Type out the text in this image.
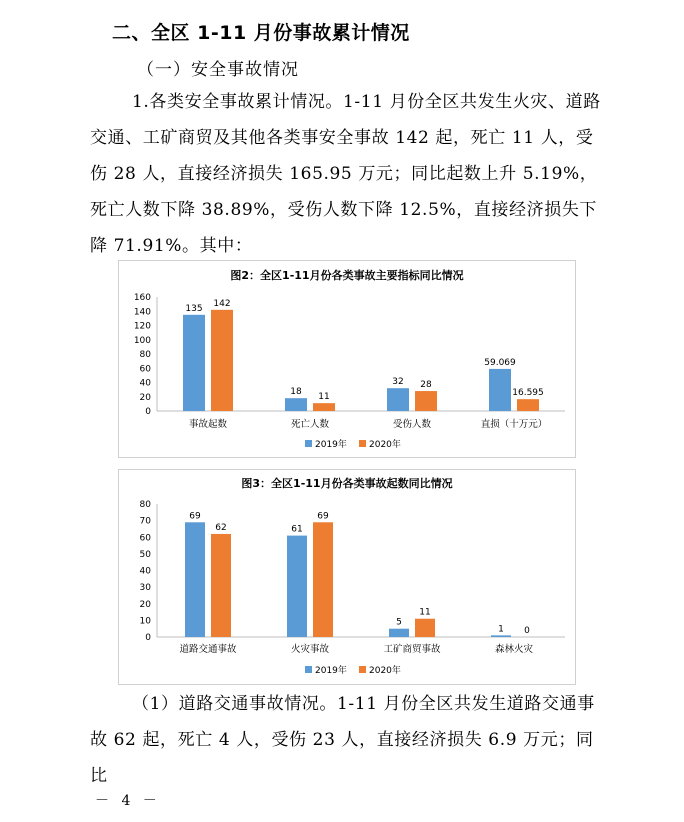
二、全区 1-11 月份事故累计情况
（一）安全事故情况
1.各类安全事故累计情况。1-11 月份全区共发生火灾、道路交通、工矿商贸及其他各类事安全事故 142 起，死亡 11 人，受伤 28 人，直接经济损失 165.95 万元；同比起数上升 5.19%，死亡人数下降 38.89%，受伤人数下降 12.5%，直接经济损失下降 71.91%。其中：
图2：全区1-11月份各类事故主要指标同比情况
0
20
40
60
80
100
120
140
160
事故起数
135 142
死亡人数
18 11
受伤人数
32 28
直损（十万元）
59.069
16.595
2019年 2020年
图3：全区1-11月份各类事故起数同比情况
0
10
20
30
40
50
60
70
80
道路交通事故
69
62
火灾事故
61
69
工矿商贸事故
5
11
森林火灾
1 0
2019年 2020年
（1）道路交通事故情况。1-11 月份全区共发生道路交通事故 62 起，死亡 4 人，受伤 23 人，直接经济损失 6.9 万元；同比
－ 4 －
